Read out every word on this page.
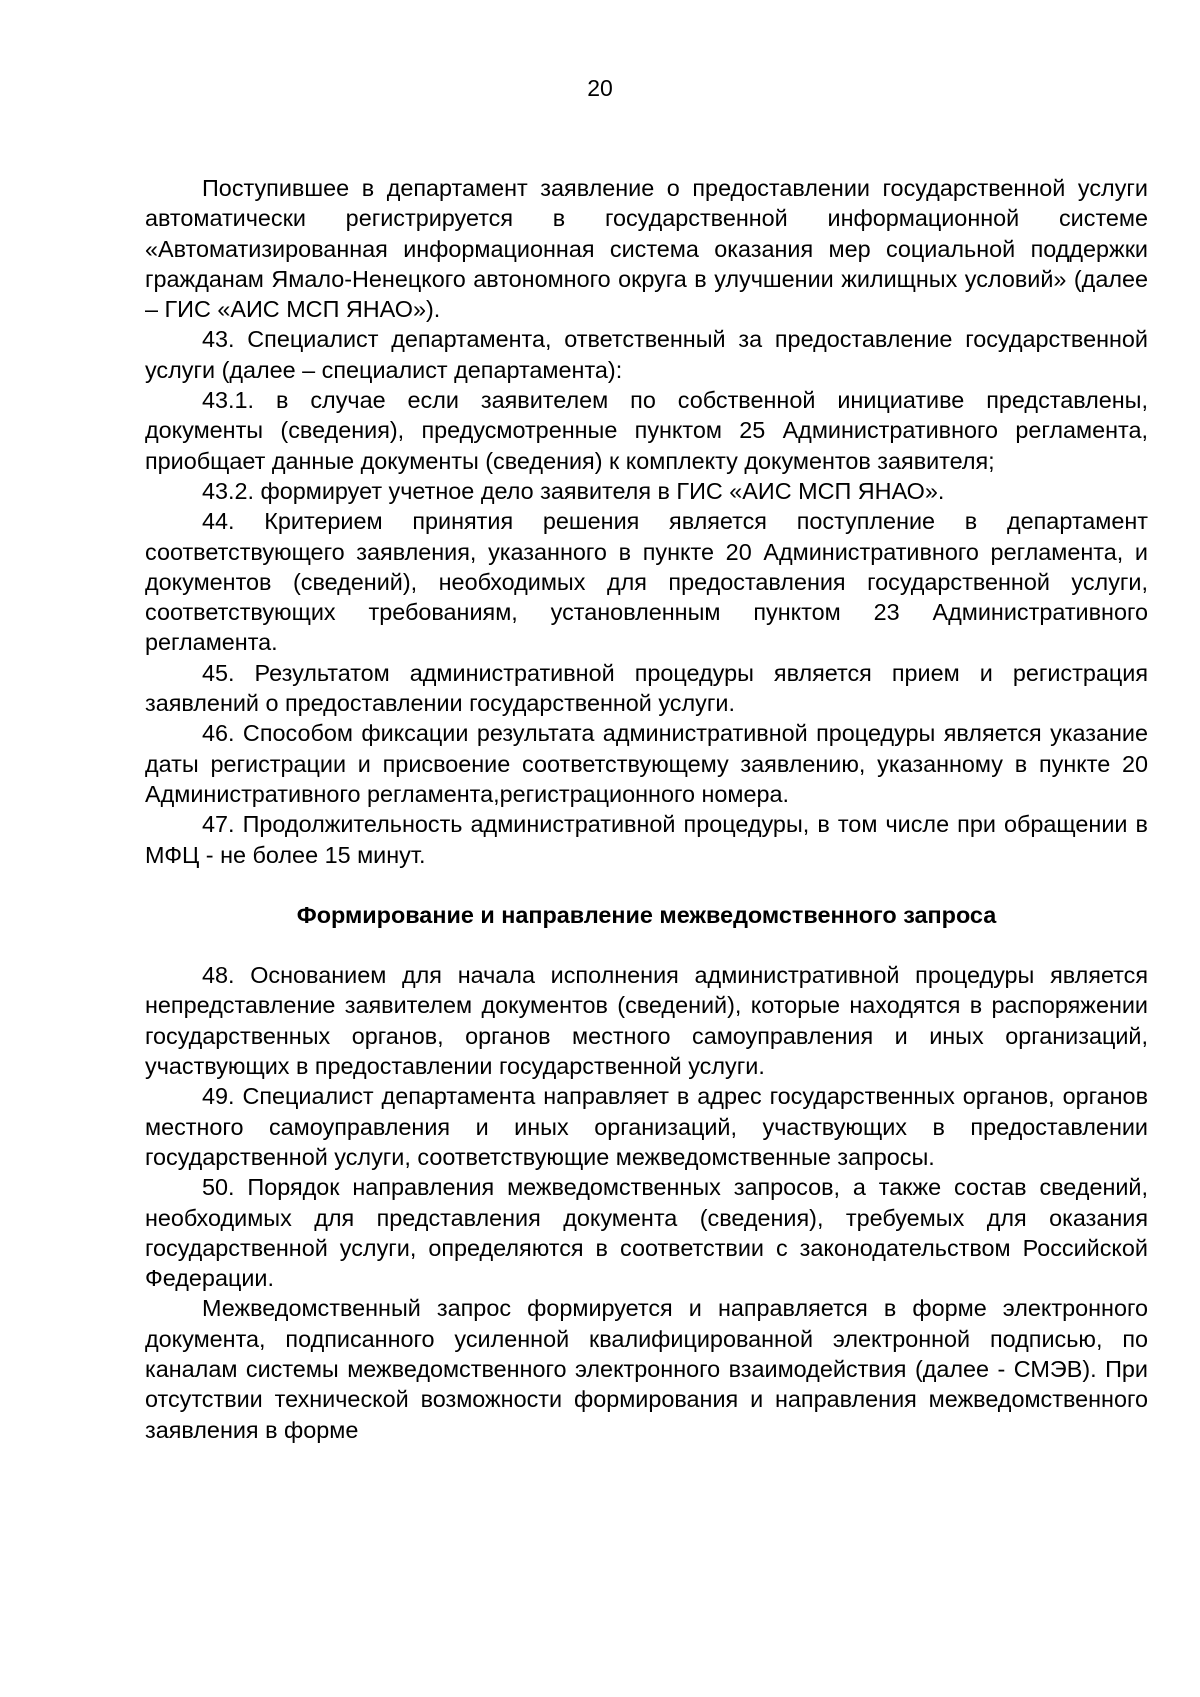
20

Поступившее в департамент заявление о предоставлении государственной услуги автоматически регистрируется в государственной информационной системе «Автоматизированная информационная система оказания мер социальной поддержки гражданам Ямало-Ненецкого автономного округа в улучшении жилищных условий» (далее – ГИС «АИС МСП ЯНАО»).

43. Специалист департамента, ответственный за предоставление государственной услуги (далее – специалист департамента):

43.1. в случае если заявителем по собственной инициативе представлены, документы (сведения), предусмотренные пунктом 25 Административного регламента, приобщает данные документы (сведения) к комплекту документов заявителя;

43.2. формирует учетное дело заявителя в ГИС «АИС МСП ЯНАО».

44. Критерием принятия решения является поступление в департамент соответствующего заявления, указанного в пункте 20 Административного регламента, и документов (сведений), необходимых для предоставления государственной услуги, соответствующих требованиям, установленным пунктом 23 Административного регламента.

45. Результатом административной процедуры является прием и регистрация заявлений о предоставлении государственной услуги.

46. Способом фиксации результата административной процедуры является указание даты регистрации и присвоение соответствующему заявлению, указанному в пункте 20 Административного регламента,регистрационного номера.

47. Продолжительность административной процедуры, в том числе при обращении в МФЦ - не более 15 минут.

Формирование и направление межведомственного запроса

48. Основанием для начала исполнения административной процедуры является непредставление заявителем документов (сведений), которые находятся в распоряжении государственных органов, органов местного самоуправления и иных организаций, участвующих в предоставлении государственной услуги.

49. Специалист департамента направляет в адрес государственных органов, органов местного самоуправления и иных организаций, участвующих в предоставлении государственной услуги, соответствующие межведомственные запросы.

50. Порядок направления межведомственных запросов, а также состав сведений, необходимых для представления документа (сведения), требуемых для оказания государственной услуги, определяются в соответствии с законодательством Российской Федерации.

Межведомственный запрос формируется и направляется в форме электронного документа, подписанного усиленной квалифицированной электронной подписью, по каналам системы межведомственного электронного взаимодействия (далее - СМЭВ). При отсутствии технической возможности формирования и направления межведомственного заявления в форме
